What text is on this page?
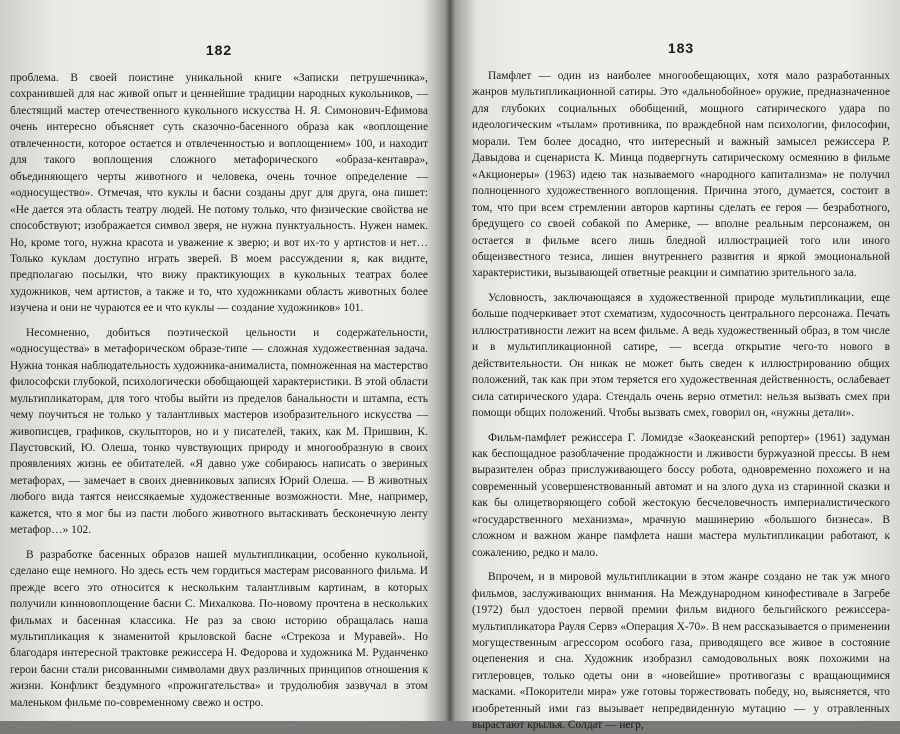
182

проблема. В своей поистине уникальной книге «Записки петрушечника», сохранившей для нас живой опыт и ценнейшие традиции народных кукольников, — блестящий мастер отечественного кукольного искусства Н. Я. Симонович-Ефимова очень интересно объясняет суть сказочно-басенного образа как «воплощение отвлеченности, которое остается и отвлеченностью и воплощением» 100, и находит для такого воплощения сложного метафорического «образа-кентавра», объединяющего черты животного и человека, очень точное определение — «односущество». Отмечая, что куклы и басни созданы друг для друга, она пишет: «Не дается эта область театру людей. Не потому только, что физические свойства не способствуют; изображается символ зверя, не нужна пунктуальность. Нужен намек. Но, кроме того, нужна красота и уважение к зверю; и вот их-то у артистов и нет… Только куклам доступно играть зверей. В моем рассуждении я, как видите, предполагаю посылки, что вижу практикующих в кукольных театрах более художников, чем артистов, а также и то, что художниками область животных более изучена и они не чураются ее и что куклы — создание художников» 101.

Несомненно, добиться поэтической цельности и содержательности, «односущества» в метафорическом образе-типе — сложная художественная задача. Нужна тонкая наблюдательность художника-анималиста, помноженная на мастерство философски глубокой, психологически обобщающей характеристики. В этой области мультипликаторам, для того чтобы выйти из пределов банальности и штампа, есть чему поучиться не только у талантливых мастеров изобразительного искусства — живописцев, графиков, скульпторов, но и у писателей, таких, как М. Пришвин, К. Паустовский, Ю. Олеша, тонко чувствующих природу и многообразную в своих проявлениях жизнь ее обитателей. «Я давно уже собираюсь написать о звериных метафорах, — замечает в своих дневниковых записях Юрий Олеша. — В животных любого вида таятся неиссякаемые художественные возможности. Мне, например, кажется, что я мог бы из пасти любого животного вытаскивать бесконечную ленту метафор…» 102.

В разработке басенных образов нашей мультипликации, особенно кукольной, сделано еще немного. Но здесь есть чем гордиться мастерам рисованного фильма. И прежде всего это относится к нескольким талантливым картинам, в которых получили кинновоплощение басни С. Михалкова. По-новому прочтена в нескольких фильмах и басенная классика. Не раз за свою историю обращалась наша мультипликация к знаменитой крыловской басне «Стрекоза и Муравей». Но благодаря интересной трактовке режиссера Н. Федорова и художника М. Руданченко герои басни стали рисованными символами двух различных принципов отношения к жизни. Конфликт бездумного «прожигательства» и трудолюбия зазвучал в этом маленьком фильме по-современному свежо и остро.

183

Памфлет — один из наиболее многообещающих, хотя мало разработанных жанров мультипликационной сатиры. Это «дальнобойное» оружие, предназначенное для глубоких социальных обобщений, мощного сатирического удара по идеологическим «тылам» противника, по враждебной нам психологии, философии, морали. Тем более досадно, что интересный и важный замысел режиссера Р. Давыдова и сценариста К. Минца подвергнуть сатирическому осмеянию в фильме «Акционеры» (1963) идею так называемого «народного капитализма» не получил полноценного художественного воплощения. Причина этого, думается, состоит в том, что при всем стремлении авторов картины сделать ее героя — безработного, бредущего со своей собакой по Америке, — вполне реальным персонажем, он остается в фильме всего лишь бледной иллюстрацией того или иного общеизвестного тезиса, лишен внутреннего развития и яркой эмоциональной характеристики, вызывающей ответные реакции и симпатию зрительного зала.

Условность, заключающаяся в художественной природе мультипликации, еще больше подчеркивает этот схематизм, худосочность центрального персонажа. Печать иллюстративности лежит на всем фильме. А ведь художественный образ, в том числе и в мультипликационной сатире, — всегда открытие чего-то нового в действительности. Он никак не может быть сведен к иллюстрированию общих положений, так как при этом теряется его художественная действенность, ослабевает сила сатирического удара. Стендаль очень верно отметил: нельзя вызвать смех при помощи общих положений. Чтобы вызвать смех, говорил он, «нужны детали».

Фильм-памфлет режиссера Г. Ломидзе «Заокеанский репортер» (1961) задуман как беспощадное разоблачение продажности и лживости буржуазной прессы. В нем выразителен образ прислуживающего боссу робота, одновременно похожего и на современный усовершенствованный автомат и на злого духа из старинной сказки и как бы олицетворяющего собой жестокую бесчеловечность империалистического «государственного механизма», мрачную машинерию «большого бизнеса». В сложном и важном жанре памфлета наши мастера мультипликации работают, к сожалению, редко и мало.

Впрочем, и в мировой мультипликации в этом жанре создано не так уж много фильмов, заслуживающих внимания. На Международном кинофестивале в Загребе (1972) был удостоен первой премии фильм видного бельгийского режиссера-мультипликатора Рауля Сервэ «Операция X-70». В нем рассказывается о применении могущественным агрессором особого газа, приводящего все живое в состояние оцепенения и сна. Художник изобразил самодовольных вояк похожими на гитлеровцев, только одеты они в «новейшие» противогазы с вращающимися масками. «Покорители мира» уже готовы торжествовать победу, но, выясняется, что изобретенный ими газ вызывает непредвиденную мутацию — у отравленных вырастают крылья. Солдат — негр,
